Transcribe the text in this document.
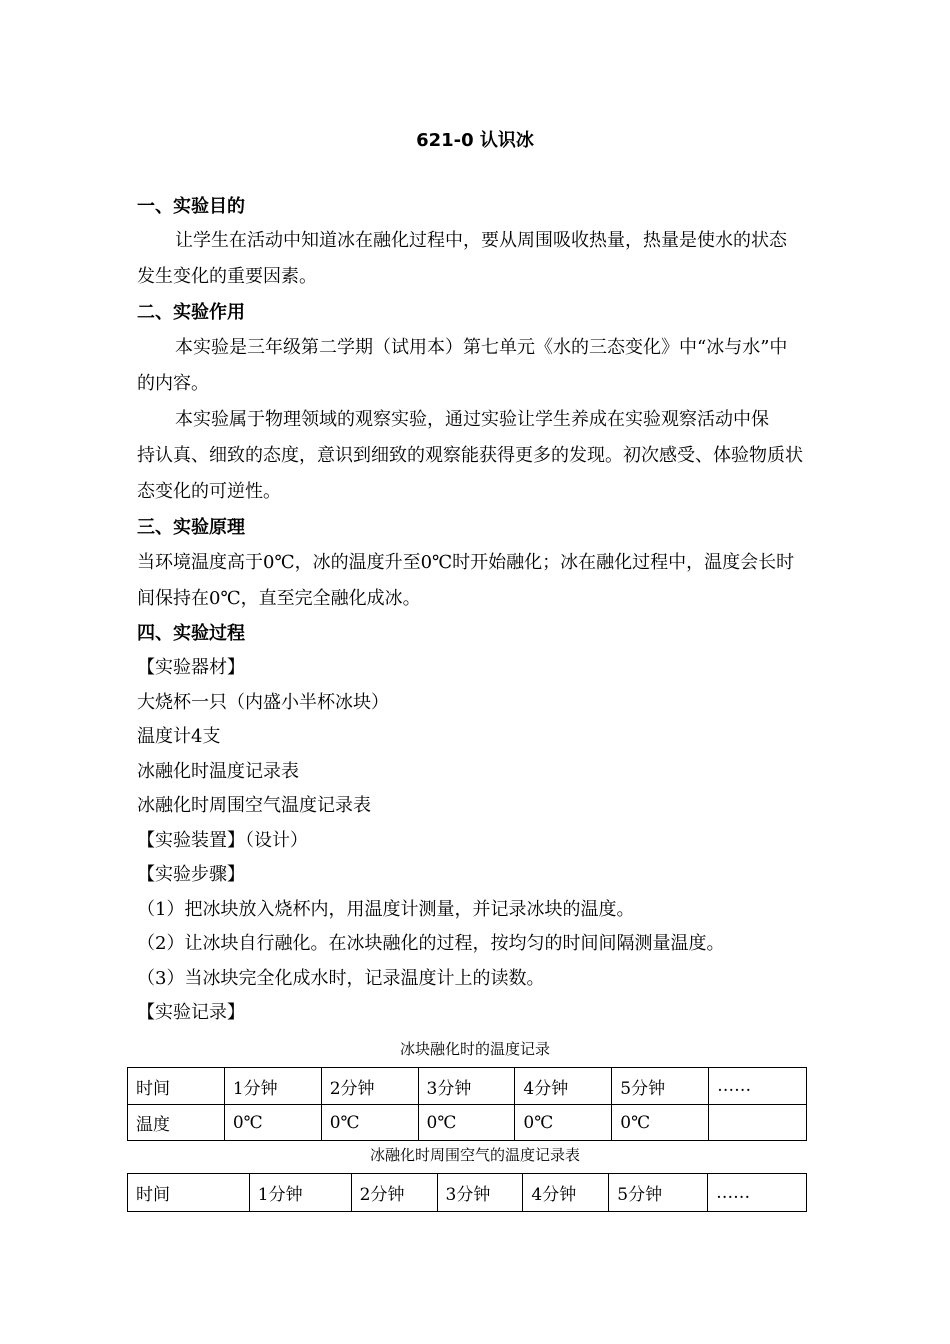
621-0 认识冰
一、实验目的
让学生在活动中知道冰在融化过程中，要从周围吸收热量，热量是使水的状态
发生变化的重要因素。
二、实验作用
本实验是三年级第二学期（试用本）第七单元《水的三态变化》中“冰与水”中
的内容。
本实验属于物理领域的观察实验，通过实验让学生养成在实验观察活动中保
持认真、细致的态度，意识到细致的观察能获得更多的发现。初次感受、体验物质状
态变化的可逆性。
三、实验原理
当环境温度高于0℃，冰的温度升至0℃时开始融化；冰在融化过程中，温度会长时
间保持在0℃，直至完全融化成冰。
四、实验过程
【实验器材】
大烧杯一只（内盛小半杯冰块）
温度计4支
冰融化时温度记录表
冰融化时周围空气温度记录表
【实验装置】（设计）
【实验步骤】
（1）把冰块放入烧杯内，用温度计测量，并记录冰块的温度。
（2）让冰块自行融化。在冰块融化的过程，按均匀的时间间隔测量温度。
（3）当冰块完全化成水时，记录温度计上的读数。
【实验记录】
冰块融化时的温度记录
时间	1分钟	2分钟	3分钟	4分钟	5分钟	……
温度	0℃	0℃	0℃	0℃	0℃	
冰融化时周围空气的温度记录表
时间	1分钟	2分钟	3分钟	4分钟	5分钟	……
